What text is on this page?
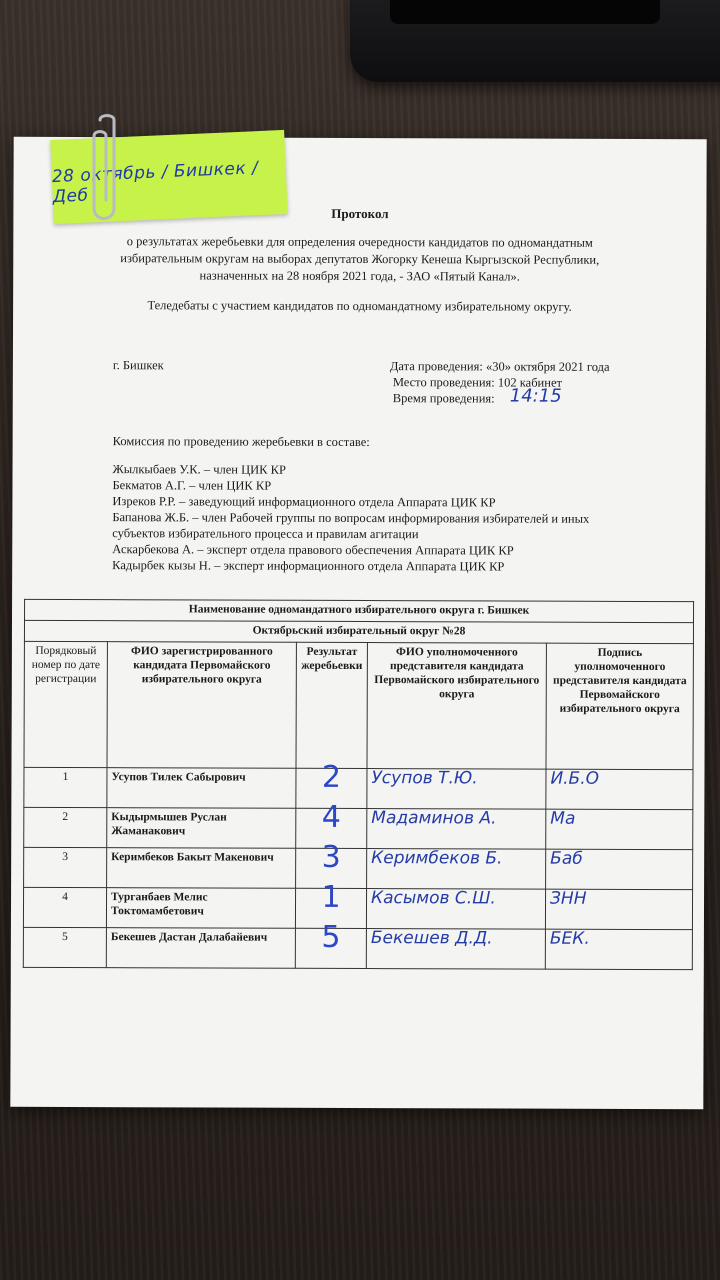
Протокол
о результатах жеребьевки для определения очередности кандидатов по одномандатным
избирательным округам на выборах депутатов Жогорку Кенеша Кыргызской Республики,
назначенных на 28 ноября 2021 года, - ЗАО «Пятый Канал».
Теледебаты с участием кандидатов по одномандатному избирательному округу.
г. Бишкек	Дата проведения: «30» октября 2021 года
Место проведения: 102 кабинет
Время проведения: 14:15
Комиссия по проведению жеребьевки в составе:
Жылкыбаев У.К. – член ЦИК КР
Бекматов А.Г. – член ЦИК КР
Изреков Р.Р. – заведующий информационного отдела Аппарата ЦИК КР
Бапанова Ж.Б. – член Рабочей группы по вопросам информирования избирателей и иных
субъектов избирательного процесса и правилам агитации
Аскарбекова А. – эксперт отдела правового обеспечения Аппарата ЦИК КР
Кадырбек кызы Н. – эксперт информационного отдела Аппарата ЦИК КР
Наименование одномандатного избирательного округа г. Бишкек				
Октябрьский избирательный округ №28				
Порядковый номер по дате регистрации	ФИО зарегистрированного кандидата Первомайского избирательного округа	Результат жеребьевки	ФИО уполномоченного представителя кандидата Первомайского избирательного округа	Подпись уполномоченного представителя кандидата Первомайского избирательного округа
1	Усупов Тилек Сабырович	2	Усупов Т.Ю.	И.Б.О
2	Кыдырмышев Руслан Жаманакович	4	Мадаминов А.	Ма
3	Керимбеков Бакыт Макенович	3	Керимбеков Б.	Баб
4	Турганбаев Мелис Токтомамбетович	1	Касымов С.Ш.	ЗНН
5	Бекешев Дастан Далабайевич	5	Бекешев Д.Д.	БЕК.
28 октябрь / Бишкек / Деб
